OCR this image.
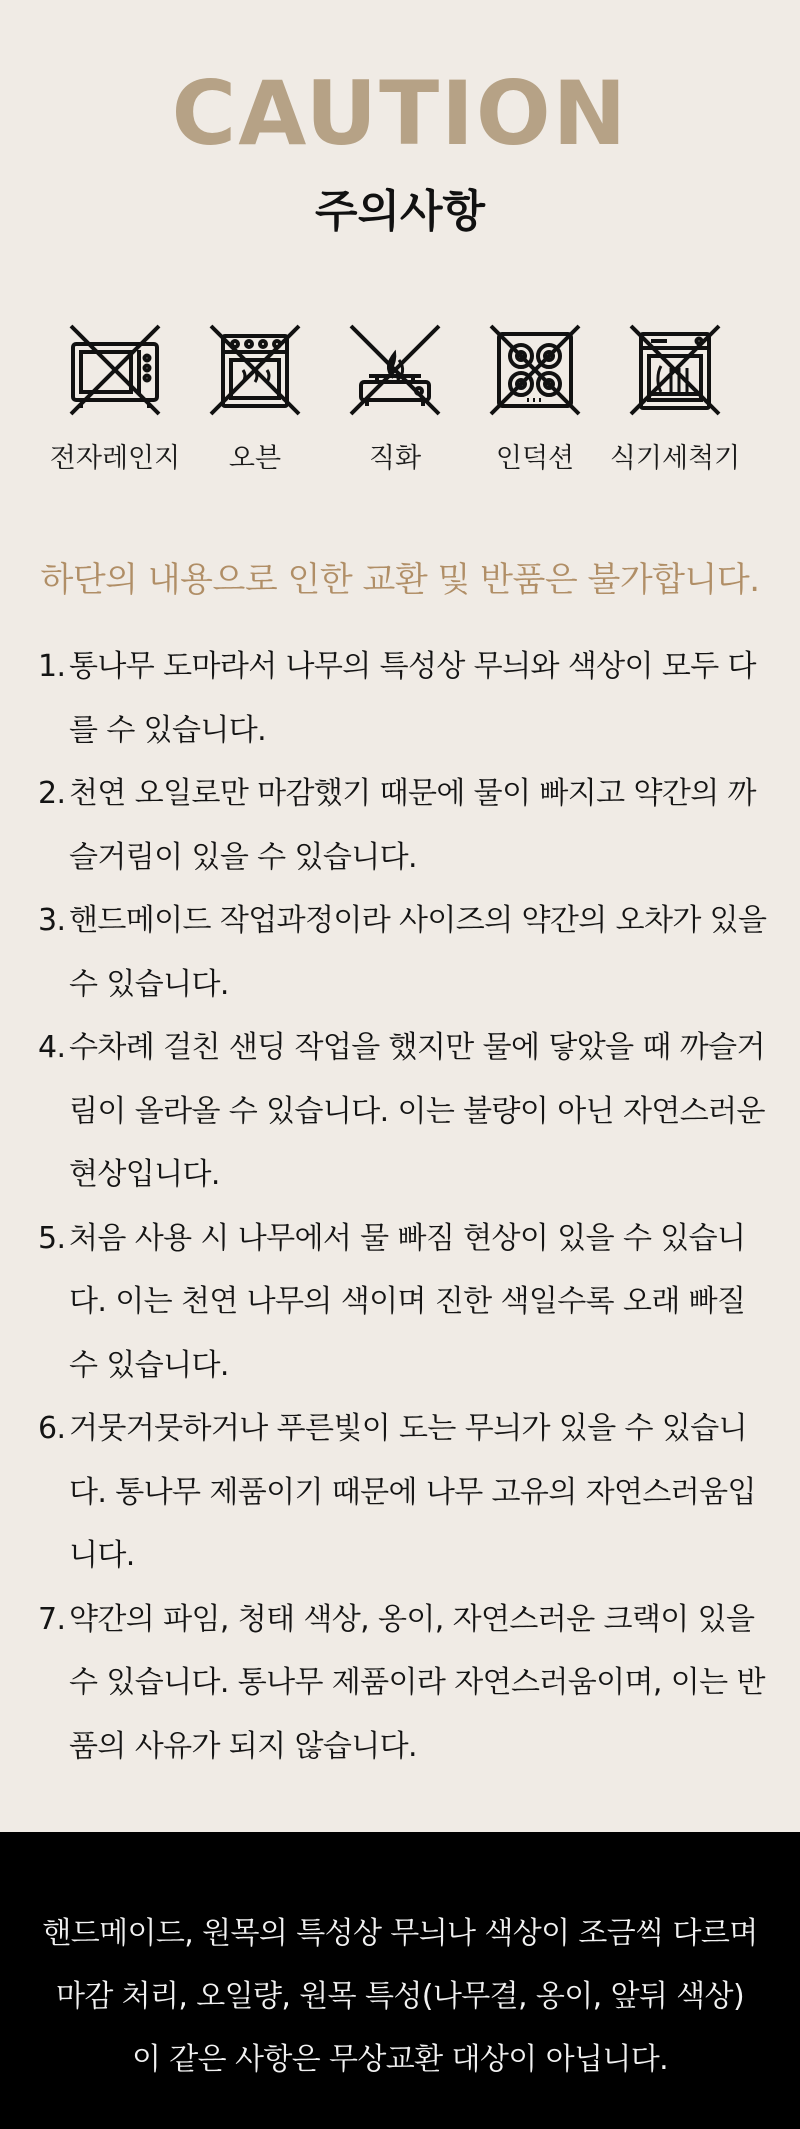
CAUTION
주의사항
전자레인지	오븐	직화	인덕션	식기세척기
하단의 내용으로 인한 교환 및 반품은 불가합니다.
1. 통나무 도마라서 나무의 특성상 무늬와 색상이 모두 다를 수 있습니다.
2. 천연 오일로만 마감했기 때문에 물이 빠지고 약간의 까슬거림이 있을 수 있습니다.
3. 핸드메이드 작업과정이라 사이즈의 약간의 오차가 있을 수 있습니다.
4. 수차례 걸친 샌딩 작업을 했지만 물에 닿았을 때 까슬거림이 올라올 수 있습니다. 이는 불량이 아닌 자연스러운 현상입니다.
5. 처음 사용 시 나무에서 물 빠짐 현상이 있을 수 있습니다. 이는 천연 나무의 색이며 진한 색일수록 오래 빠질 수 있습니다.
6. 거뭇거뭇하거나 푸른빛이 도는 무늬가 있을 수 있습니다. 통나무 제품이기 때문에 나무 고유의 자연스러움입니다.
7. 약간의 파임, 청태 색상, 옹이, 자연스러운 크랙이 있을 수 있습니다. 통나무 제품이라 자연스러움이며, 이는 반품의 사유가 되지 않습니다.
핸드메이드, 원목의 특성상 무늬나 색상이 조금씩 다르며
마감 처리, 오일량, 원목 특성(나무결, 옹이, 앞뒤 색상)
이 같은 사항은 무상교환 대상이 아닙니다.
